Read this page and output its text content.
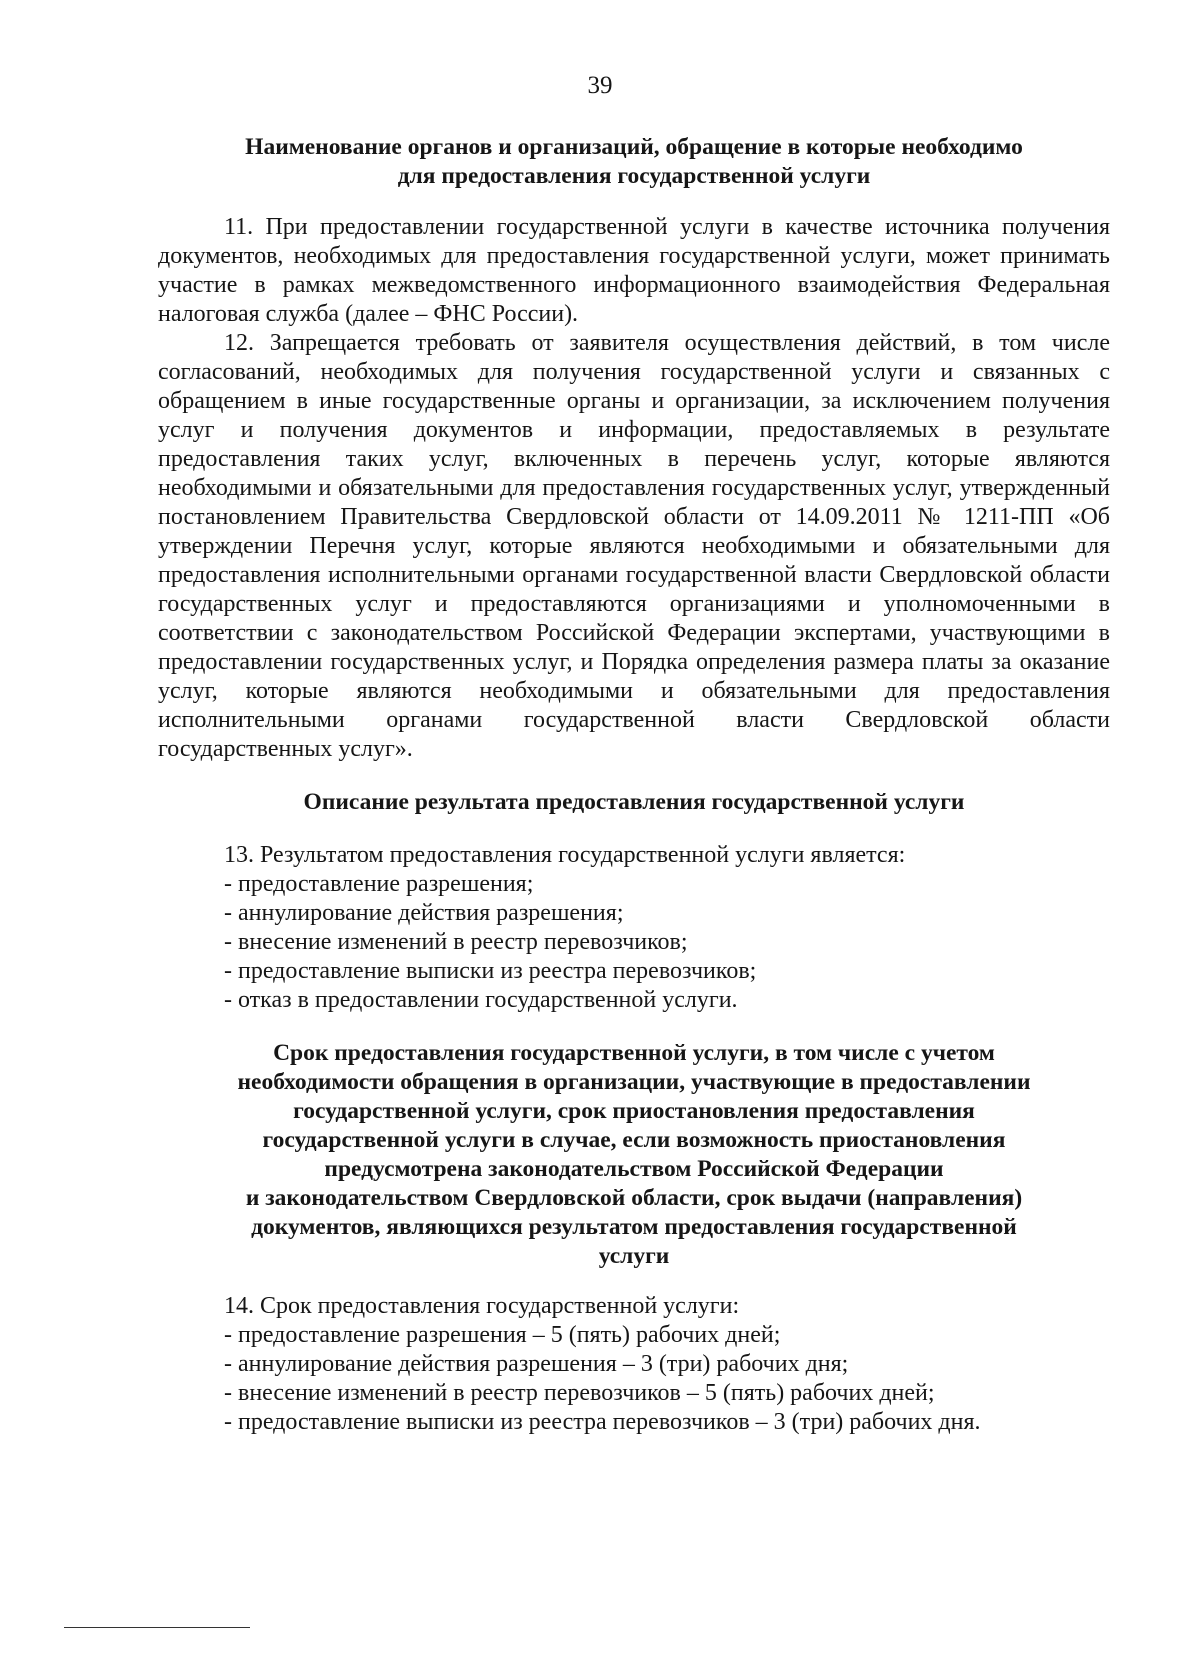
39
Наименование органов и организаций, обращение в которые необходимо
для предоставления государственной услуги

11. При предоставлении государственной услуги в качестве источника получения документов, необходимых для предоставления государственной услуги, может принимать участие в рамках межведомственного информационного взаимодействия Федеральная налоговая служба (далее – ФНС России).

12. Запрещается требовать от заявителя осуществления действий, в том числе согласований, необходимых для получения государственной услуги и связанных с обращением в иные государственные органы и организации, за исключением получения услуг и получения документов и информации, предоставляемых в результате предоставления таких услуг, включенных в перечень услуг, которые являются необходимыми и обязательными для предоставления государственных услуг, утвержденный постановлением Правительства Свердловской области от 14.09.2011 № 1211-ПП «Об утверждении Перечня услуг, которые являются необходимыми и обязательными для предоставления исполнительными органами государственной власти Свердловской области государственных услуг и предоставляются организациями и уполномоченными в соответствии с законодательством Российской Федерации экспертами, участвующими в предоставлении государственных услуг, и Порядка определения размера платы за оказание услуг, которые являются необходимыми и обязательными для предоставления исполнительными органами государственной власти Свердловской области государственных услуг».

Описание результата предоставления государственной услуги

13. Результатом предоставления государственной услуги является:

- предоставление разрешения;

- аннулирование действия разрешения;

- внесение изменений в реестр перевозчиков;

- предоставление выписки из реестра перевозчиков;

- отказ в предоставлении государственной услуги.

Срок предоставления государственной услуги, в том числе с учетом
необходимости обращения в организации, участвующие в предоставлении
государственной услуги, срок приостановления предоставления
государственной услуги в случае, если возможность приостановления
предусмотрена законодательством Российской Федерации
и законодательством Свердловской области, срок выдачи (направления)
документов, являющихся результатом предоставления государственной
услуги

14. Срок предоставления государственной услуги:

- предоставление разрешения – 5 (пять) рабочих дней;

- аннулирование действия разрешения – 3 (три) рабочих дня;

- внесение изменений в реестр перевозчиков – 5 (пять) рабочих дней;

- предоставление выписки из реестра перевозчиков – 3 (три) рабочих дня.
